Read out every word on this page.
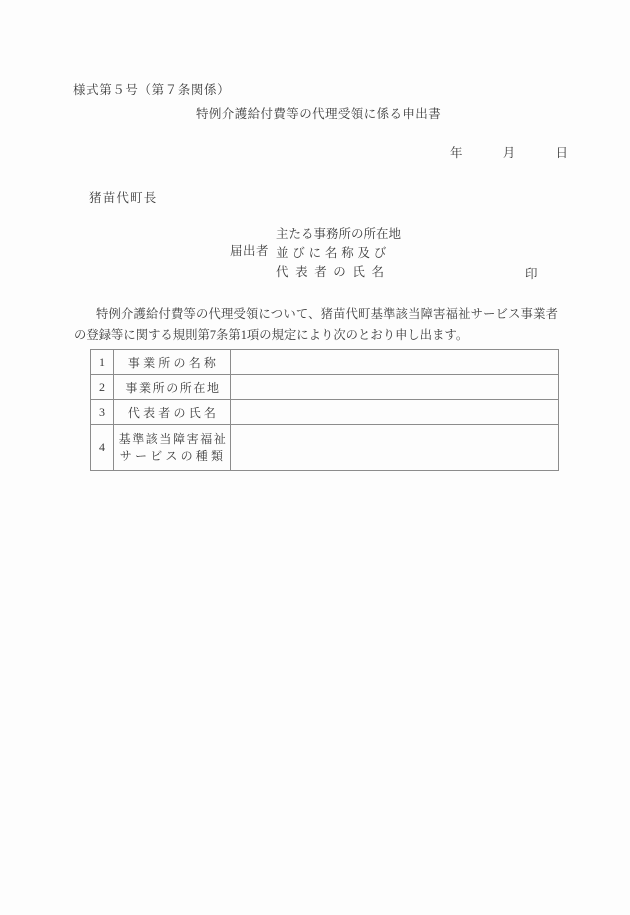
様式第５号（第７条関係）
特例介護給付費等の代理受領に係る申出書
年	月	日
猪苗代町長
届出者
主たる事務所の所在地
並びに名称及び
代表者の氏名	印
特例介護給付費等の代理受領について、猪苗代町基準該当障害福祉サービス事業者の登録等に関する規則第7条第1項の規定により次のとおり申し出ます。
1	事業所の名称	
2	事業所の所在地	
3	代表者の氏名	
4	基準該当障害福祉
サービスの種類	
